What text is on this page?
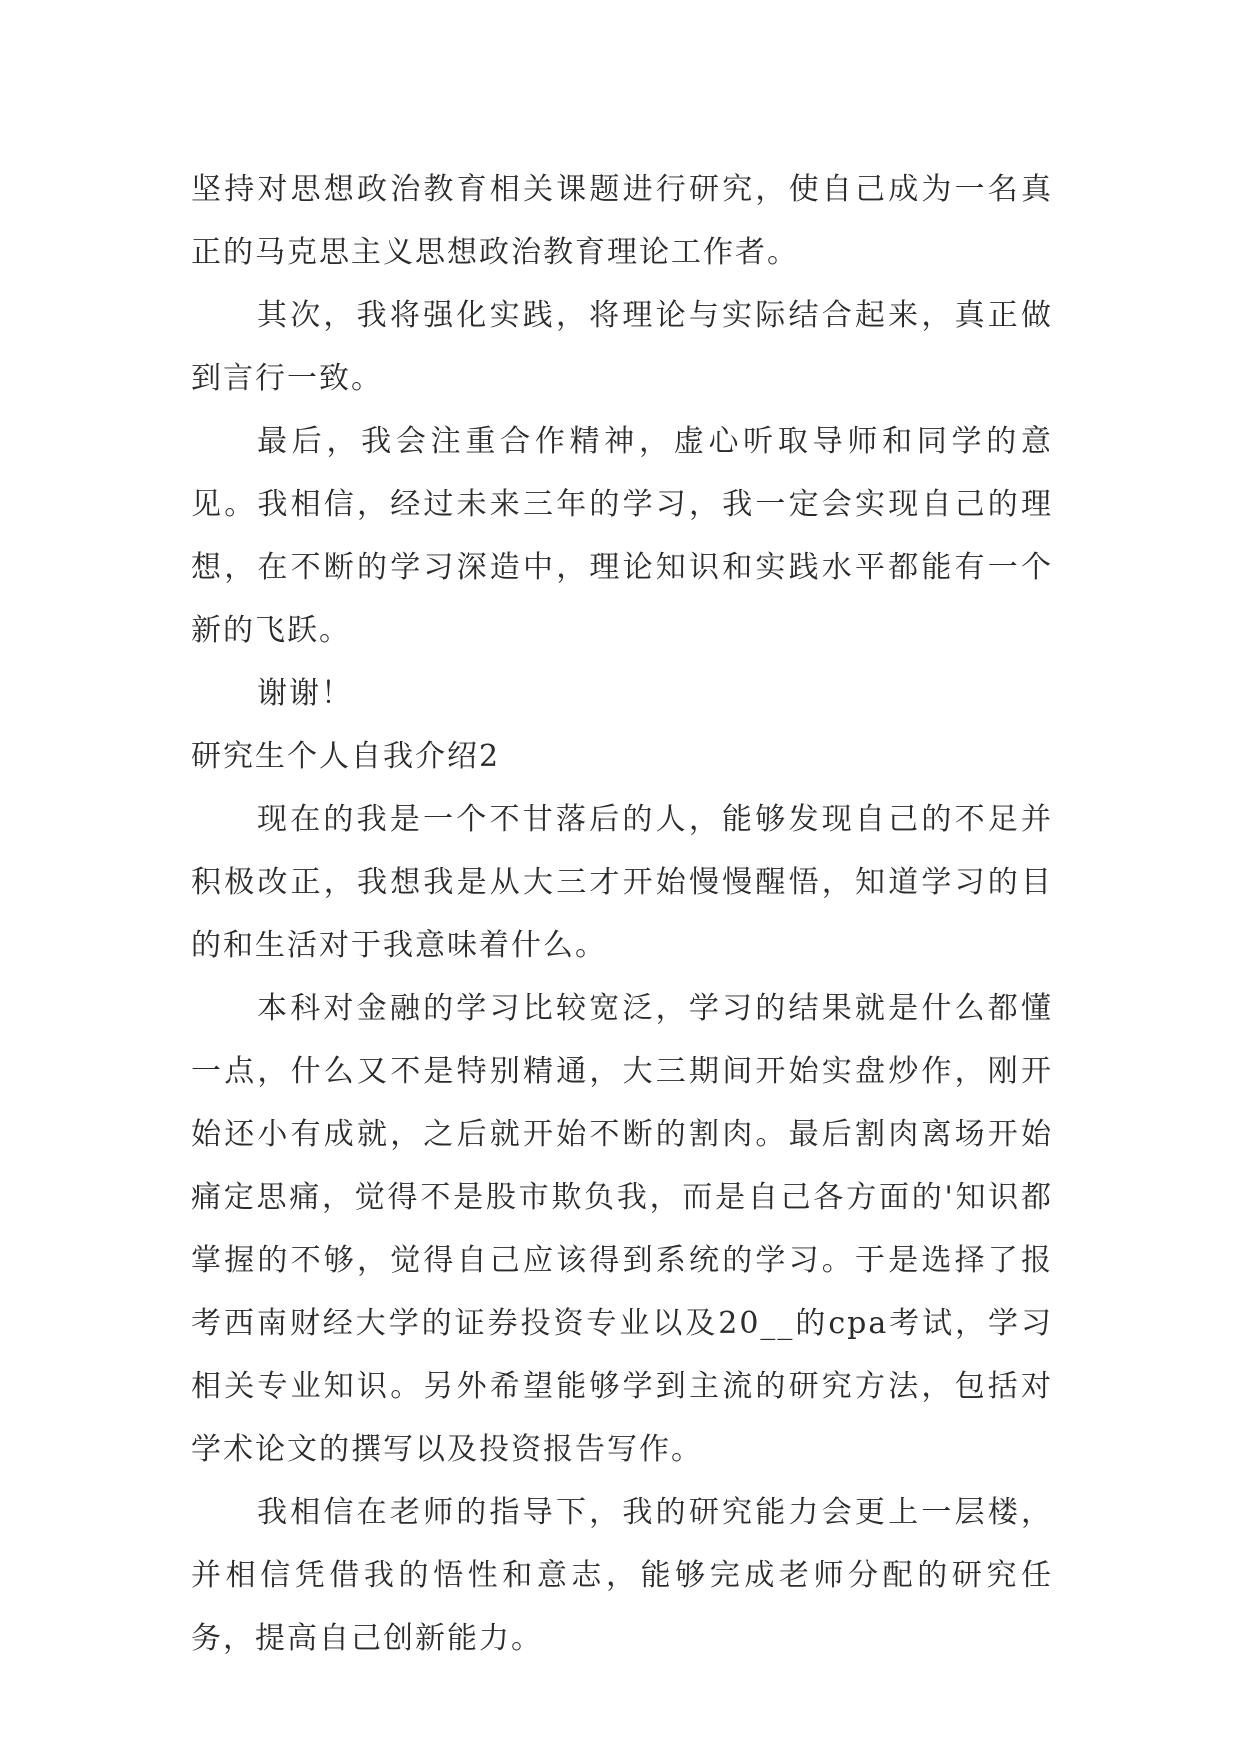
坚持对思想政治教育相关课题进行研究，使自己成为一名真正的马克思主义思想政治教育理论工作者。

其次，我将强化实践，将理论与实际结合起来，真正做到言行一致。

最后，我会注重合作精神，虚心听取导师和同学的意见。我相信，经过未来三年的学习，我一定会实现自己的理想，在不断的学习深造中，理论知识和实践水平都能有一个新的飞跃。

谢谢！

研究生个人自我介绍2

现在的我是一个不甘落后的人，能够发现自己的不足并积极改正，我想我是从大三才开始慢慢醒悟，知道学习的目的和生活对于我意味着什么。

本科对金融的学习比较宽泛，学习的结果就是什么都懂一点，什么又不是特别精通，大三期间开始实盘炒作，刚开始还小有成就，之后就开始不断的割肉。最后割肉离场开始痛定思痛，觉得不是股市欺负我，而是自己各方面的'知识都掌握的不够，觉得自己应该得到系统的学习。于是选择了报考西南财经大学的证券投资专业以及20__的cpa考试，学习相关专业知识。另外希望能够学到主流的研究方法，包括对学术论文的撰写以及投资报告写作。

我相信在老师的指导下，我的研究能力会更上一层楼，并相信凭借我的悟性和意志，能够完成老师分配的研究任务，提高自己创新能力。
